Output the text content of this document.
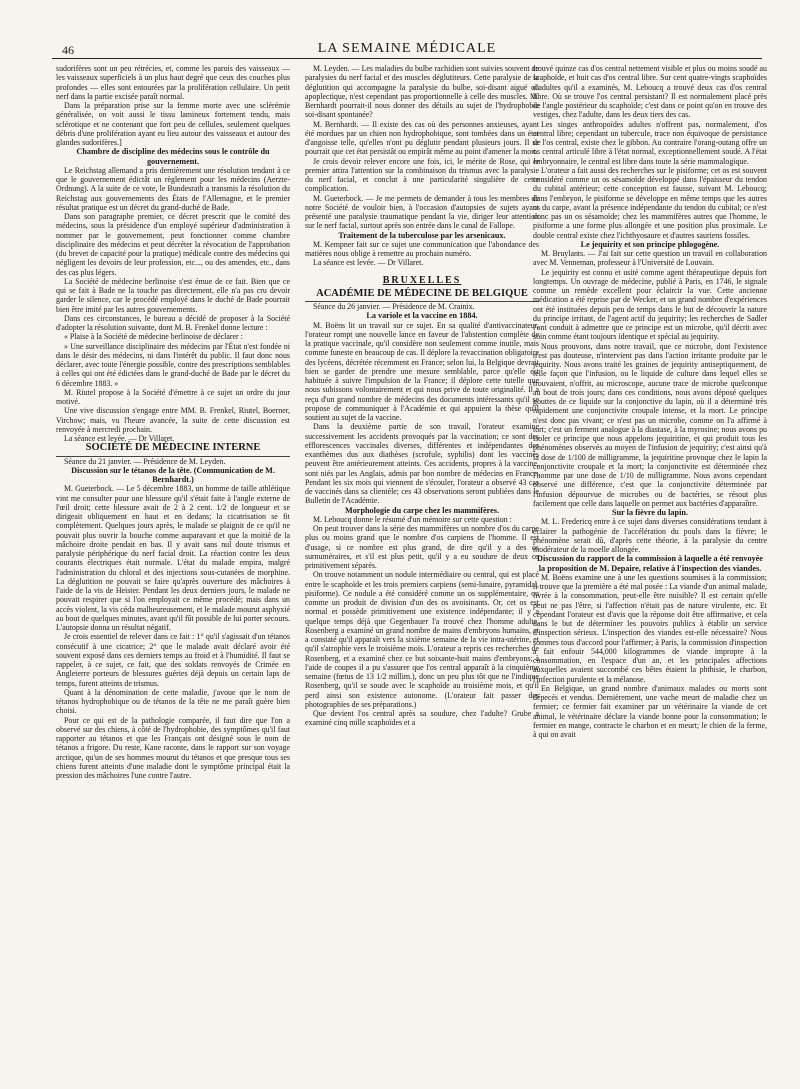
46	LA SEMAINE MÉDICALE

sudorifères sont un peu rétrécies, et, comme les parois des vaisseaux — les vaisseaux superficiels à un plus haut degré que ceux des couches plus profondes — elles sont entourées par la prolifération cellulaire. Un petit nerf dans la partie excisée paraît normal.

Dans la préparation prise sur la femme morte avec une sclérémie généralisée, on voit aussi le tissu lamineux fortement tendu, mais sclérotique et ne contenant que fort peu de cellules, seulement quelques débris d'une prolifération ayant eu lieu autour des vaisseaux et autour des glandes sudorifères.]

Chambre de discipline des médecins sous le contrôle du gouvernement.

Le Reichstag allemand a pris dernièrement une résolution tendant à ce que le gouvernement édictât un règlement pour les médecins (Aerzte-Ordnung). A la suite de ce vote, le Bundesrath a transmis la résolution du Reichstag aux gouvernements des États de l'Allemagne, et le premier résultat pratique est un décret du grand-duché de Bade.

Dans son paragraphe premier, ce décret prescrit que le comité des médecins, sous la présidence d'un employé supérieur d'administration à nommer par le gouvernement, peut fonctionner comme chambre disciplinaire des médecins et peut décréter la révocation de l'approbation (du brevet de capacité pour la pratique) médicale contre des médecins qui négligent les devoirs de leur profession, etc..., ou des amendes, etc., dans des cas plus légers.

La Société de médecine berlinoise s'est émue de ce fait. Bien que ce qui se fait à Bade ne la touche pas directement, elle n'a pas cru devoir garder le silence, car le procédé employé dans le duché de Bade pourrait bien être imité par les autres gouvernements.

Dans ces circonstances, le bureau a décidé de proposer à la Société d'adopter la résolution suivante, dont M. B. Frenkel donne lecture :

« Plaise à la Société de médecine berlinoise de déclarer :

» Une surveillance disciplinaire des médecins par l'État n'est fondée ni dans le désir des médecins, ni dans l'intérêt du public. Il faut donc nous déclarer, avec toute l'énergie possible, contre des prescriptions semblables à celles qui ont été édictées dans le grand-duché de Bade par le décret du 6 décembre 1883. »

M. Riutel propose à la Société d'émettre à ce sujet un ordre du jour motivé.

Une vive discussion s'engage entre MM. B. Frenkel, Riutel, Boerner, Virchow; mais, vu l'heure avancée, la suite de cette discussion est renvoyée à mercredi prochain.

La séance est levée. — Dr Villaret.

SOCIÉTÉ DE MÉDECINE INTERNE

Séance du 21 janvier. — Présidence de M. Leyden.

Discussion sur le tétanos de la tête. (Communication de M. Bernhardt.)

M. Gueterbock. — Le 5 décembre 1883, un homme de taille athlétique vint me consulter pour une blessure qu'il s'était faite à l'angle externe de l'œil droit; cette blessure avait de 2 à 2 cent. 1/2 de longueur et se dirigeait obliquement en haut et en dedans; la cicatrisation se fit complètement. Quelques jours après, le malade se plaignit de ce qu'il ne pouvait plus ouvrir la bouche comme auparavant et que la moitié de la mâchoire droite pendait en bas. Il y avait sans nul doute trismus et paralysie périphérique du nerf facial droit. La réaction contre les deux courants électriques était normale. L'état du malade empira, malgré l'administration du chloral et des injections sous-cutanées de morphine. La déglutition ne pouvait se faire qu'après ouverture des mâchoires à l'aide de la vis de Heister. Pendant les deux derniers jours, le malade ne pouvait respirer que si l'on employait ce même procédé; mais dans un accès violent, la vis céda malheureusement, et le malade mourut asphyxié au bout de quelques minutes, avant qu'il fût possible de lui porter secours. L'autopsie donna un résultat négatif.

Je crois essentiel de relever dans ce fait : 1° qu'il s'agissait d'un tétanos consécutif à une cicatrice; 2° que le malade avait déclaré avoir été souvent exposé dans ces derniers temps au froid et à l'humidité. Il faut se rappeler, à ce sujet, ce fait, que des soldats renvoyés de Crimée en Angleterre porteurs de blessures guéries déjà depuis un certain laps de temps, furent atteints de trismus.

Quant à la dénomination de cette maladie, j'avoue que le nom de tétanos hydrophobique ou de tétanos de la tête ne me paraît guère bien choisi.

Pour ce qui est de la pathologie comparée, il faut dire que l'on a observé sur des chiens, à côté de l'hydrophobie, des symptômes qu'il faut rapporter au tétanos et que les Français ont désigné sous le nom de tétanos a frigore. Du reste, Kane raconte, dans le rapport sur son voyage arctique, qu'un de ses hommes mourut du tétanos et que presque tous ses chiens furent atteints d'une maladie dont le symptôme principal était la pression des mâchoires l'une contre l'autre.

M. Leyden. — Les maladies du bulbe rachidien sont suivies souvent de paralysies du nerf facial et des muscles déglutiteurs. Cette paralysie de la déglutition qui accompagne la paralysie du bulbe, soi-disant aiguë ou apoplectique, n'est cependant pas proportionnelle à celle des muscles. M. Bernhardt pourrait-il nous donner des détails au sujet de l'hydrophobie soi-disant spontanée?

M. Bernhardt. — Il existe des cas où des personnes anxieuses, ayant été mordues par un chien non hydrophobique, sont tombées dans un état d'angoisse telle, qu'elles n'ont pu déglutir pendant plusieurs jours. Il se pourrait que cet état persistât ou empirât même au point d'amener la mort.

Je crois devoir relever encore une fois, ici, le mérite de Rose, qui le premier attira l'attention sur la combinaison du trismus avec la paralysie du nerf facial, et conclut à une particularité singulière de cette complication.

M. Gueterbock. — Je me permets de demander à tous les membres de notre Société de vouloir bien, à l'occasion d'autopsies de sujets ayant présenté une paralysie traumatique pendant la vie, diriger leur attention sur le nerf facial, surtout après son entrée dans le canal de Fallope.

Traitement de la tuberculose par les arsenicaux.

M. Kempner fait sur ce sujet une communication que l'abondance des matières nous oblige à remettre au prochain numéro.

La séance est levée. — Dr Villaret.

BRUXELLES

ACADÉMIE DE MÉDECINE DE BELGIQUE

Séance du 26 janvier. — Présidence de M. Crainix.

La variole et la vaccine en 1884.

M. Boëns lit un travail sur ce sujet. En sa qualité d'antivaccinateur, l'orateur rompt une nouvelle lance en faveur de l'abstention complète de la pratique vaccinale, qu'il considère non seulement comme inutile, mais comme funeste en beaucoup de cas. Il déplore la revaccination obligatoire des lycéens, décrétée récemment en France; selon lui, la Belgique devrait bien se garder de prendre une mesure semblable, parce qu'elle est habituée à suivre l'impulsion de la France; il déplore cette tutelle que nous subissons volontairement et qui nous prive de toute originalité. Il a reçu d'un grand nombre de médecins des documents intéressants qu'il se propose de communiquer à l'Académie et qui appuient la thèse qu'il soutient au sujet de la vaccine.

Dans la deuxième partie de son travail, l'orateur examine successivement les accidents provoqués par la vaccination; ce sont des efflorescences vaccinales diverses, différentes et indépendantes des exanthèmes dus aux diathèses (scrofule, syphilis) dont les vaccinés peuvent être antérieurement atteints. Ces accidents, propres à la vaccine, sont niés par les Anglais, admis par bon nombre de médecins en France. Pendant les six mois qui viennent de s'écouler, l'orateur a observé 43 cas de vaccinés dans sa clientèle; ces 43 observations seront publiées dans le Bulletin de l'Académie.

Morphologie du carpe chez les mammifères.

M. Leboucq donne le résumé d'un mémoire sur cette question :

On peut trouver dans la série des mammifères un nombre d'os du carpe plus ou moins grand que le nombre d'os carpiens de l'homme. Il est d'usage, si ce nombre est plus grand, de dire qu'il y a des os surnuméraires, et s'il est plus petit, qu'il y a eu soudure de deux os primitivement séparés.

On trouve notamment un nodule intermédiaire ou central, qui est placé entre le scaphoïde et les trois premiers carpiens (semi-lunaire, pyramidal, pisiforme). Ce nodule a été considéré comme un os supplémentaire, ou comme un produit de division d'un des os avoisinants. Or, cet os est normal et possède primitivement une existence indépendante; il y a quelque temps déjà que Gegenbauer l'a trouvé chez l'homme adulte. Rosenberg a examiné un grand nombre de mains d'embryons humains, et a constaté qu'il apparaît vers la sixième semaine de la vie intra-utérine, et qu'il s'atrophie vers le troisième mois. L'orateur a repris ces recherches de Rosenberg, et a examiné chez ce but soixante-huit mains d'embryons; à l'aide de coupes il a pu s'assurer que l'os central apparaît à la cinquième semaine (fœtus de 13 1/2 millim.), donc un peu plus tôt que ne l'indique Rosenberg, qu'il se soude avec le scaphoïde au troisième mois, et qu'il perd ainsi son existence autonome. (L'orateur fait passer des photographies de ses préparations.)

Que devient l'os central après sa soudure, chez l'adulte? Grube a examiné cinq mille scaphoïdes et a

trouvé quinze cas d'os central nettement visible et plus ou moins soudé au scaphoïde, et huit cas d'os central libre. Sur cent quatre-vingts scaphoïdes d'adultes qu'il a examinés, M. Leboucq a trouvé deux cas d'os central libre. Où se trouve l'os central persistant? Il est normalement placé près de l'angle postérieur du scaphoïde; c'est dans ce point qu'on en trouve des vestiges, chez l'adulte, dans les deux tiers des cas.

Les singes anthropoïdes adultes n'offrent pas, normalement, d'os central libre; cependant un tubercule, trace non équivoque de persistance de l'os central, existe chez le gibbon. Au contraire l'orang-outang offre un os central articulé libre à l'état normal, exceptionnellement soudé. A l'état embryonnaire, le central est libre dans toute la série mammalogique.

L'orateur a fait aussi des recherches sur le pisiforme; cet os est souvent considéré comme un os sésamoïde développé dans l'épaisseur du tendon du cubital antérieur; cette conception est fausse, suivant M. Leboucq; dans l'embryon, le pisiforme se développe en même temps que les autres os du carpe, avant la présence indépendante du tendon du cubital; ce n'est donc pas un os sésamoïde; chez les mammifères autres que l'homme, le pisiforme a une forme plus allongée et une position plus proximale. Le double central existe chez l'ichthyosaure et d'autres sauriens fossiles.

Le jequirity et son principe phlogogène.

M. Bruylants. — J'ai fait sur cette question un travail en collaboration avec M. Venneman, professeur à l'Université de Louvain.

Le jequirity est connu et usité comme agent thérapeutique depuis fort longtemps. Un ouvrage de médecine, publié à Paris, en 1746, le signale comme un remède excellent pour éclaircir la vue. Cette ancienne médication a été reprise par de Wecker, et un grand nombre d'expériences ont été instituées depuis peu de temps dans le but de découvrir la nature du principe irritant, de l'agent actif du jequirity; les recherches de Sadler l'ont conduit à admettre que ce principe est un microbe, qu'il décrit avec soin comme étant toujours identique et spécial au jequirity.

Nous prouvons, dans notre travail, que ce microbe, dont l'existence n'est pas douteuse, n'intervient pas dans l'action irritante produite par le jequirity. Nous avons traité les graines de jequirity antiseptiquement, de telle façon que l'infusion, ou le liquide de culture dans lequel elles se trouvaient, n'offrit, au microscope, aucune trace de microbe quelconque au bout de trois jours; dans ces conditions, nous avons déposé quelques gouttes de ce liquide sur la conjonctive du lapin, où il a déterminé très rapidement une conjonctivite croupale intense, et la mort. Le principe n'est donc pas vivant; ce n'est pas un microbe, comme on l'a affirmé à tort; c'est un ferment analogue à la diastase, à la myrosine; nous avons pu isoler ce principe que nous appelons jequiritine, et qui produit tous les phénomènes observés au moyen de l'infusion de jequirity; c'est ainsi qu'à la dose de 1/100 de milligramme, la jequiritine provoque chez le lapin la conjonctivite croupale et la mort; la conjonctivite est déterminée chez l'homme par une dose de 1/10 de milligramme. Nous avons cependant observé une différence, c'est que la conjonctivite déterminée par l'infusion dépourvue de microbes ou de bactéries, se résout plus facilement que celle dans laquelle on permet aux bactéries d'apparaître.

Sur la fièvre du lapin.

M. L. Fredericq entre à ce sujet dans diverses considérations tendant à éclairer la pathogénie de l'accélération du pouls dans la fièvre; le phénomène serait dû, d'après cette théorie, à la paralysie du centre modérateur de la moelle allongée.

Discussion du rapport de la commission à laquelle a été renvoyée la proposition de M. Depaire, relative à l'inspection des viandes.

M. Boëns examine une à une les questions soumises à la commission; il trouve que la première a été mal posée : La viande d'un animal malade, livrée à la consommation, peut-elle être nuisible? Il est certain qu'elle peut ne pas l'être, si l'affection n'était pas de nature virulente, etc. Et cependant l'orateur est d'avis que la réponse doit être affirmative, et cela dans le but de déterminer les pouvoirs publics à établir un service d'inspection sérieux. L'inspection des viandes est-elle nécessaire? Nous sommes tous d'accord pour l'affirmer; à Paris, la commission d'inspection a fait enfouir 544,000 kilogrammes de viande impropre à la consommation, en l'espace d'un an, et les principales affections auxquelles avaient succombé ces bêtes étaient la phthisie, le charbon, l'infection purulente et la mélanose.

En Belgique, un grand nombre d'animaux malades ou morts sont dépecés et vendus. Dernièrement, une vache meurt de maladie chez un fermier; ce fermier fait examiner par un vétérinaire la viande de cet animal, le vétérinaire déclare la viande bonne pour la consommation; le fermier en mange, contracte le charbon et en meurt; le chien de la ferme, à qui on avait
